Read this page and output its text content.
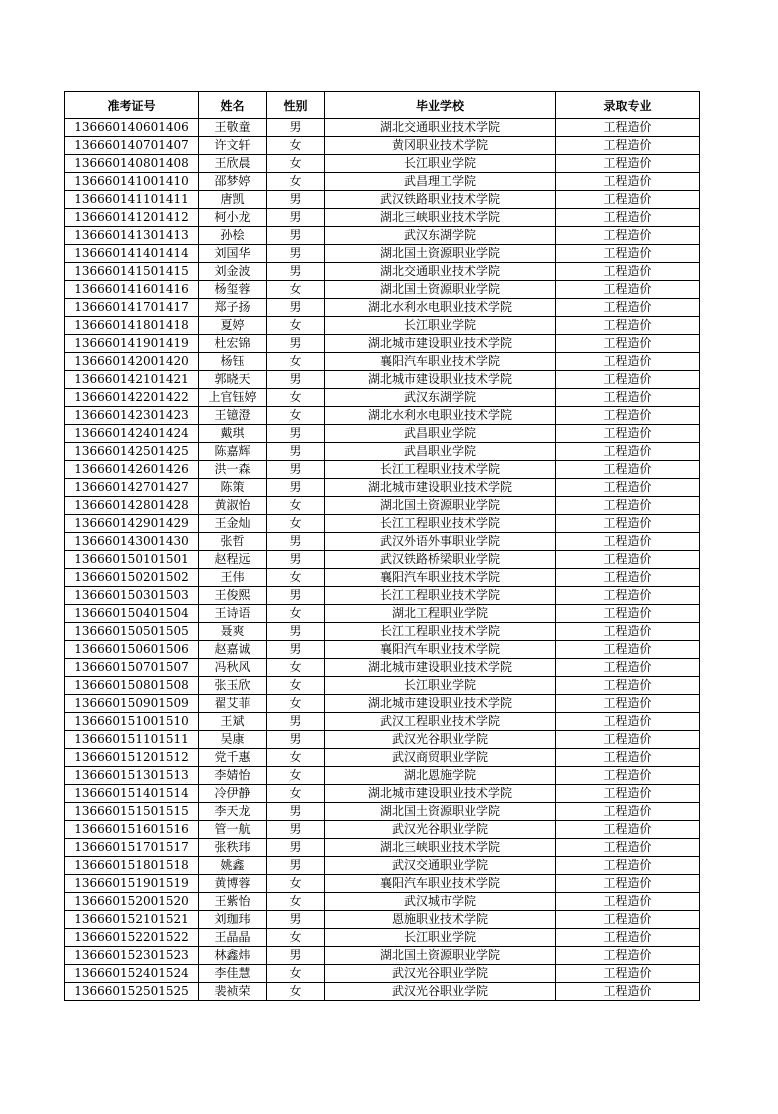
准考证号	姓名	性别	毕业学校	录取专业
136660140601406	王敬童	男	湖北交通职业技术学院	工程造价
136660140701407	许文轩	女	黄冈职业技术学院	工程造价
136660140801408	王欣晨	女	长江职业学院	工程造价
136660141001410	邵梦婷	女	武昌理工学院	工程造价
136660141101411	唐凯	男	武汉铁路职业技术学院	工程造价
136660141201412	柯小龙	男	湖北三峡职业技术学院	工程造价
136660141301413	孙桧	男	武汉东湖学院	工程造价
136660141401414	刘国华	男	湖北国土资源职业学院	工程造价
136660141501415	刘金波	男	湖北交通职业技术学院	工程造价
136660141601416	杨玺蓉	女	湖北国土资源职业学院	工程造价
136660141701417	郑子扬	男	湖北水利水电职业技术学院	工程造价
136660141801418	夏婷	女	长江职业学院	工程造价
136660141901419	杜宏锦	男	湖北城市建设职业技术学院	工程造价
136660142001420	杨钰	女	襄阳汽车职业技术学院	工程造价
136660142101421	郭晓天	男	湖北城市建设职业技术学院	工程造价
136660142201422	上官钰婷	女	武汉东湖学院	工程造价
136660142301423	王镱澄	女	湖北水利水电职业技术学院	工程造价
136660142401424	戴琪	男	武昌职业学院	工程造价
136660142501425	陈嘉辉	男	武昌职业学院	工程造价
136660142601426	洪一森	男	长江工程职业技术学院	工程造价
136660142701427	陈策	男	湖北城市建设职业技术学院	工程造价
136660142801428	黄淑怡	女	湖北国土资源职业学院	工程造价
136660142901429	王金灿	女	长江工程职业技术学院	工程造价
136660143001430	张哲	男	武汉外语外事职业学院	工程造价
136660150101501	赵程远	男	武汉铁路桥梁职业学院	工程造价
136660150201502	王伟	女	襄阳汽车职业技术学院	工程造价
136660150301503	王俊熙	男	长江工程职业技术学院	工程造价
136660150401504	王诗语	女	湖北工程职业学院	工程造价
136660150501505	聂爽	男	长江工程职业技术学院	工程造价
136660150601506	赵嘉诚	男	襄阳汽车职业技术学院	工程造价
136660150701507	冯秋风	女	湖北城市建设职业技术学院	工程造价
136660150801508	张玉欣	女	长江职业学院	工程造价
136660150901509	翟艾菲	女	湖北城市建设职业技术学院	工程造价
136660151001510	王斌	男	武汉工程职业技术学院	工程造价
136660151101511	吴康	男	武汉光谷职业学院	工程造价
136660151201512	党千惠	女	武汉商贸职业学院	工程造价
136660151301513	李婧怡	女	湖北恩施学院	工程造价
136660151401514	冷伊静	女	湖北城市建设职业技术学院	工程造价
136660151501515	李天龙	男	湖北国土资源职业学院	工程造价
136660151601516	管一航	男	武汉光谷职业学院	工程造价
136660151701517	张秩玮	男	湖北三峡职业技术学院	工程造价
136660151801518	姚鑫	男	武汉交通职业学院	工程造价
136660151901519	黄博蓉	女	襄阳汽车职业技术学院	工程造价
136660152001520	王紫怡	女	武汉城市学院	工程造价
136660152101521	刘珈玮	男	恩施职业技术学院	工程造价
136660152201522	王晶晶	女	长江职业学院	工程造价
136660152301523	林鑫炜	男	湖北国土资源职业学院	工程造价
136660152401524	李佳慧	女	武汉光谷职业学院	工程造价
136660152501525	裴祯荣	女	武汉光谷职业学院	工程造价
